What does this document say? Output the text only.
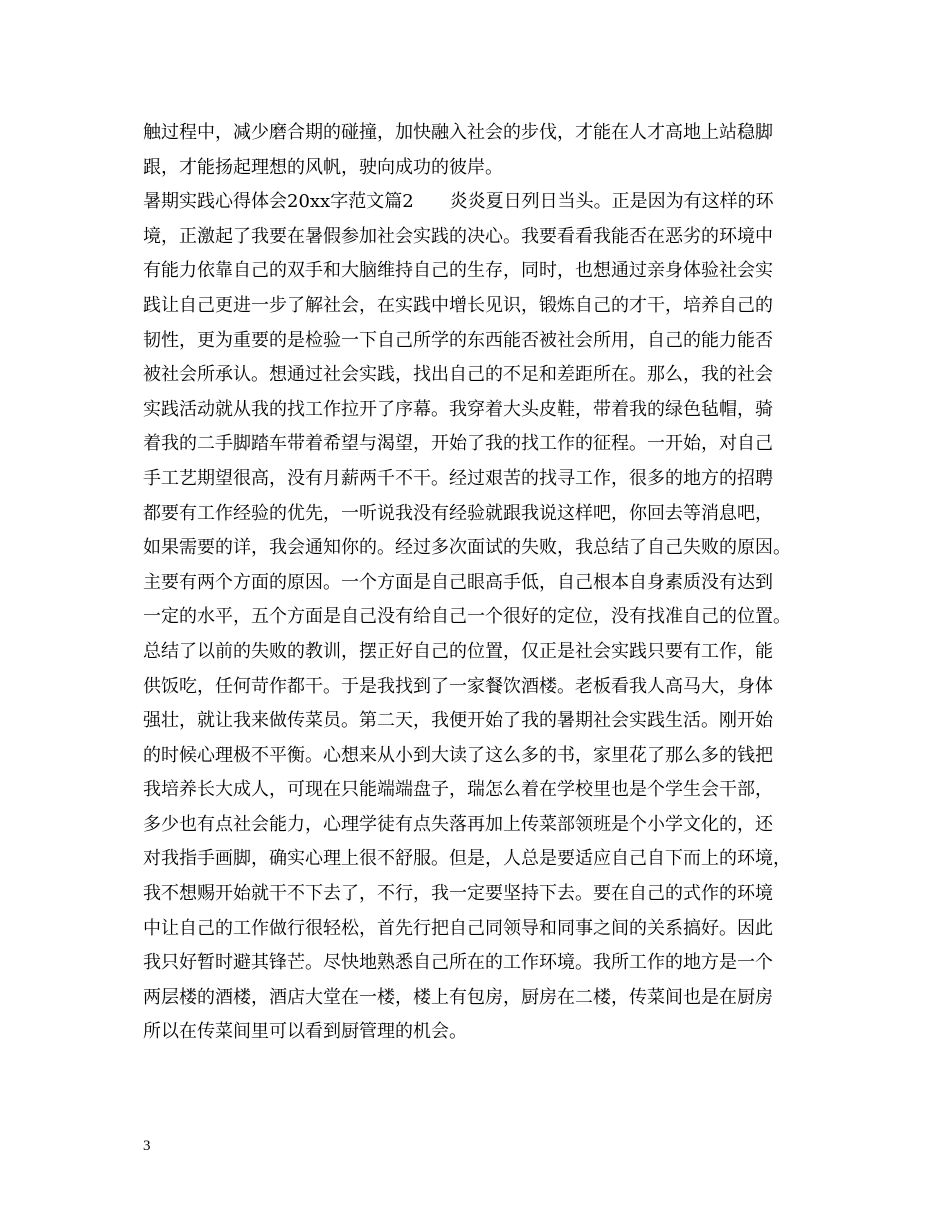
触过程中，减少磨合期的碰撞，加快融入社会的步伐，才能在人才高地上站稳脚
跟，才能扬起理想的风帆，驶向成功的彼岸。
暑期实践心得体会20xx字范文篇2　　炎炎夏日列日当头。正是因为有这样的环
境，正激起了我要在暑假参加社会实践的决心。我要看看我能否在恶劣的环境中
有能力依靠自己的双手和大脑维持自己的生存，同时，也想通过亲身体验社会实
践让自己更进一步了解社会，在实践中增长见识，锻炼自己的才干，培养自己的
韧性，更为重要的是检验一下自己所学的东西能否被社会所用，自己的能力能否
被社会所承认。想通过社会实践，找出自己的不足和差距所在。那么，我的社会
实践活动就从我的找工作拉开了序幕。我穿着大头皮鞋，带着我的绿色毡帽，骑
着我的二手脚踏车带着希望与渴望，开始了我的找工作的征程。一开始，对自己
手工艺期望很高，没有月薪两千不干。经过艰苦的找寻工作，很多的地方的招聘
都要有工作经验的优先，一听说我没有经验就跟我说这样吧，你回去等消息吧，
如果需要的详，我会通知你的。经过多次面试的失败，我总结了自己失败的原因。
主要有两个方面的原因。一个方面是自己眼高手低，自己根本自身素质没有达到
一定的水平，五个方面是自己没有给自己一个很好的定位，没有找准自己的位置。
总结了以前的失败的教训，摆正好自己的位置，仅正是社会实践只要有工作，能
供饭吃，任何苛作都干。于是我找到了一家餐饮酒楼。老板看我人高马大，身体
强壮，就让我来做传菜员。第二天，我便开始了我的暑期社会实践生活。刚开始
的时候心理极不平衡。心想来从小到大读了这么多的书，家里花了那么多的钱把
我培养长大成人，可现在只能端端盘子，瑞怎么着在学校里也是个学生会干部，
多少也有点社会能力，心理学徒有点失落再加上传菜部领班是个小学文化的，还
对我指手画脚，确实心理上很不舒服。但是，人总是要适应自己自下而上的环境，
我不想赐开始就干不下去了，不行，我一定要坚持下去。要在自己的式作的环境
中让自己的工作做行很轻松，首先行把自己同领导和同事之间的关系搞好。因此
我只好暂时避其锋芒。尽快地熟悉自己所在的工作环境。我所工作的地方是一个
两层楼的酒楼，酒店大堂在一楼，楼上有包房，厨房在二楼，传菜间也是在厨房
所以在传菜间里可以看到厨管理的机会。
3
